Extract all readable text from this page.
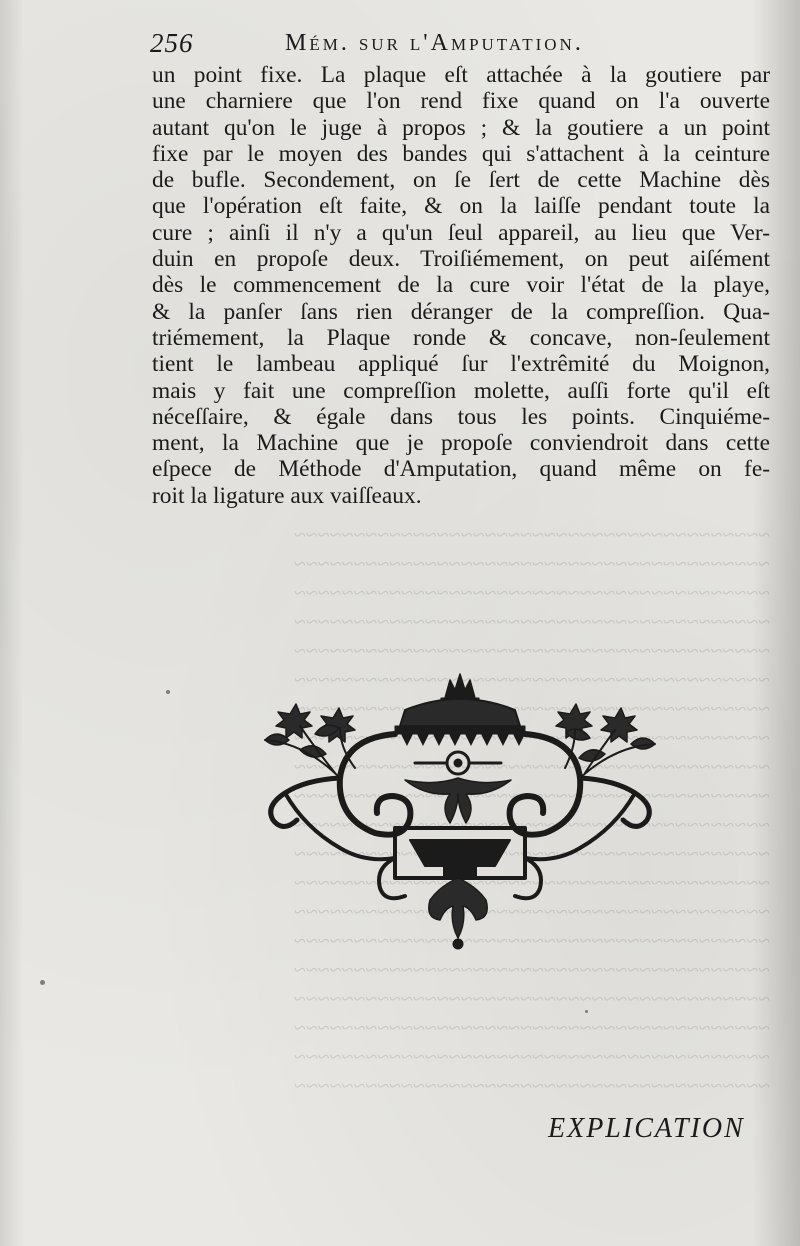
~~~~~~~~~~~~~~~~~~~~~~~~~~~~~~~~~~~~~~~~
~~~~~~~~~~~~~~~~~~~~~~~~~~~~~~~~~~~~~~~~
~~~~~~~~~~~~~~~~~~~~~~~~~~~~~~~~~~~~~~~~
~~~~~~~~~~~~~~~~~~~~~~~~~~~~~~~~~~~~~~~~
~~~~~~~~~~~~~~~~~~~~~~~~~~~~~~~~~~~~~~~~
~~~~~~~~~~~~~~~~~~~~~~~~~~~~~~~~~~~~~~~~
~~~~~~~~~~~~~~~~~~~~~~~~~~~~~~~~~~~~~~~~
~~~~~~~~~~~~~~~~~~~~~~~~~~~~~~~~~~~~~~~~
~~~~~~~~~~~~~~~~~~~~~~~~~~~~~~~~~~~~~~~~
~~~~~~~~~~~~~~~~~~~~~~~~~~~~~~~~~~~~~~~~
~~~~~~~~~~~~~~~~~~~~~~~~~~~~~~~~~~~~~~~~
~~~~~~~~~~~~~~~~~~~~~~~~~~~~~~~~~~~~~~~~
~~~~~~~~~~~~~~~~~~~~~~~~~~~~~~~~~~~~~~~~
~~~~~~~~~~~~~~~~~~~~~~~~~~~~~~~~~~~~~~~~
~~~~~~~~~~~~~~~~~~~~~~~~~~~~~~~~~~~~~~~~
~~~~~~~~~~~~~~~~~~~~~~~~~~~~~~~~~~~~~~~~
~~~~~~~~~~~~~~~~~~~~~~~~~~~~~~~~~~~~~~~~
~~~~~~~~~~~~~~~~~~~~~~~~~~~~~~~~~~~~~~~~
~~~~~~~~~~~~~~~~~~~~~~~~~~~~~~~~~~~~~~~~
~~~~~~~~~~~~~~~~~~~~~~~~~~~~~~~~~~~~~~~~
256	Mém. sur l'Amputation.
un point fixe. La plaque eſt attachée à la goutiere par
une charniere que l'on rend fixe quand on l'a ouverte
autant qu'on le juge à propos ; & la goutiere a un point
fixe par le moyen des bandes qui s'attachent à la ceinture
de bufle. Secondement, on ſe ſert de cette Machine dès
que l'opération eſt faite, & on la laiſſe pendant toute la
cure ; ainſi il n'y a qu'un ſeul appareil, au lieu que Ver-
duin en propoſe deux. Troiſiémement, on peut aiſément
dès le commencement de la cure voir l'état de la playe,
& la panſer ſans rien déranger de la compreſſion. Qua-
triémement, la Plaque ronde & concave, non-ſeulement
tient le lambeau appliqué ſur l'extrêmité du Moignon,
mais y fait une compreſſion molette, auſſi forte qu'il eſt
néceſſaire, & égale dans tous les points. Cinquiéme-
ment, la Machine que je propoſe conviendroit dans cette
eſpece de Méthode d'Amputation, quand même on fe-
roit la ligature aux vaiſſeaux.
EXPLICATION
